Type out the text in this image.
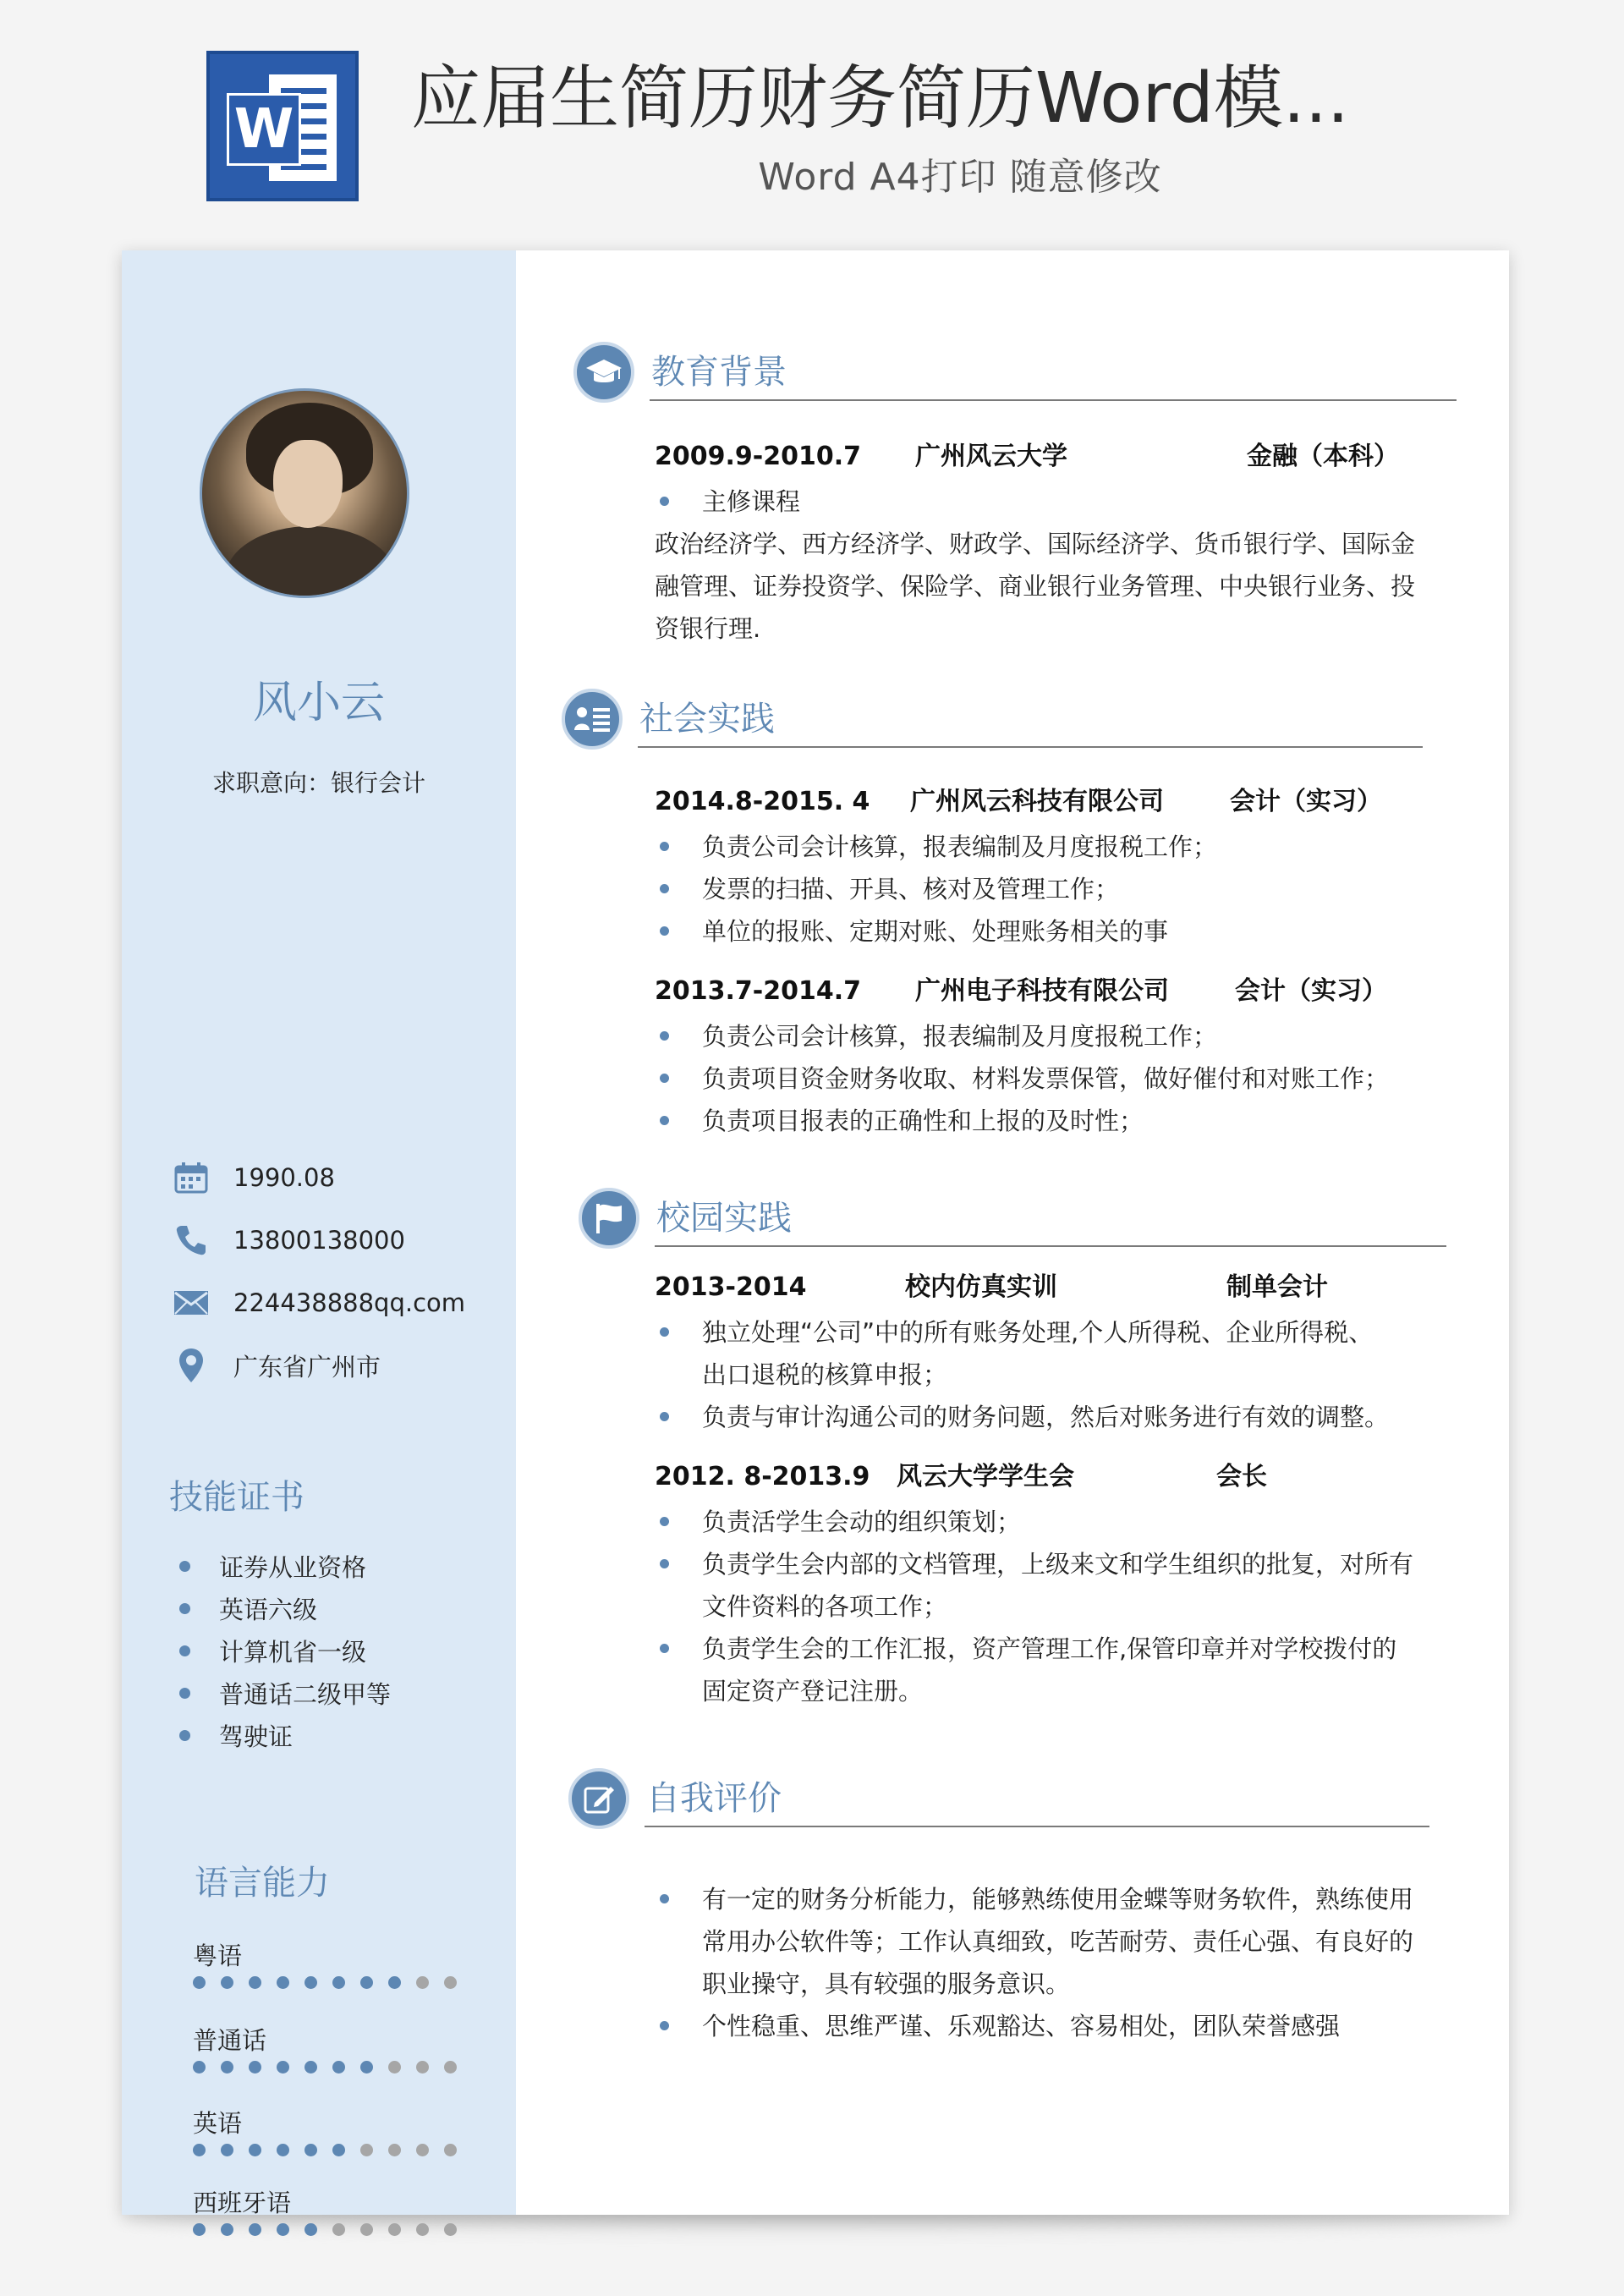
W 应届生简历财务简历Word模...
Word A4打印 随意修改
风小云
求职意向：银行会计
1990.08
13800138000
224438888qq.com
广东省广州市
技能证书
证券从业资格
英语六级
计算机省一级
普通话二级甲等
驾驶证
语言能力
粤语
普通话
英语
西班牙语
教育背景
2009.9-2010.7 广州风云大学	金融（本科）
主修课程
政治经济学、西方经济学、财政学、国际经济学、货币银行学、国际金
融管理、证券投资学、保险学、商业银行业务管理、中央银行业务、投
资银行理.
社会实践
2014.8-2015. 4 广州风云科技有限公司	会计（实习）
负责公司会计核算，报表编制及月度报税工作；
发票的扫描、开具、核对及管理工作；
单位的报账、定期对账、处理账务相关的事
2013.7-2014.7 广州电子科技有限公司	会计（实习）
负责公司会计核算，报表编制及月度报税工作；
负责项目资金财务收取、材料发票保管，做好催付和对账工作；
负责项目报表的正确性和上报的及时性；
校园实践
2013-2014	校内仿真实训	制单会计
独立处理“公司”中的所有账务处理,个人所得税、企业所得税、
出口退税的核算申报；
负责与审计沟通公司的财务问题，然后对账务进行有效的调整。
2012. 8-2013.9 风云大学学生会	会长
负责活学生会动的组织策划；
负责学生会内部的文档管理，上级来文和学生组织的批复，对所有
文件资料的各项工作；
负责学生会的工作汇报，资产管理工作,保管印章并对学校拨付的
固定资产登记注册。
自我评价
有一定的财务分析能力，能够熟练使用金蝶等财务软件，熟练使用
常用办公软件等；工作认真细致，吃苦耐劳、责任心强、有良好的
职业操守，具有较强的服务意识。
个性稳重、思维严谨、乐观豁达、容易相处，团队荣誉感强
